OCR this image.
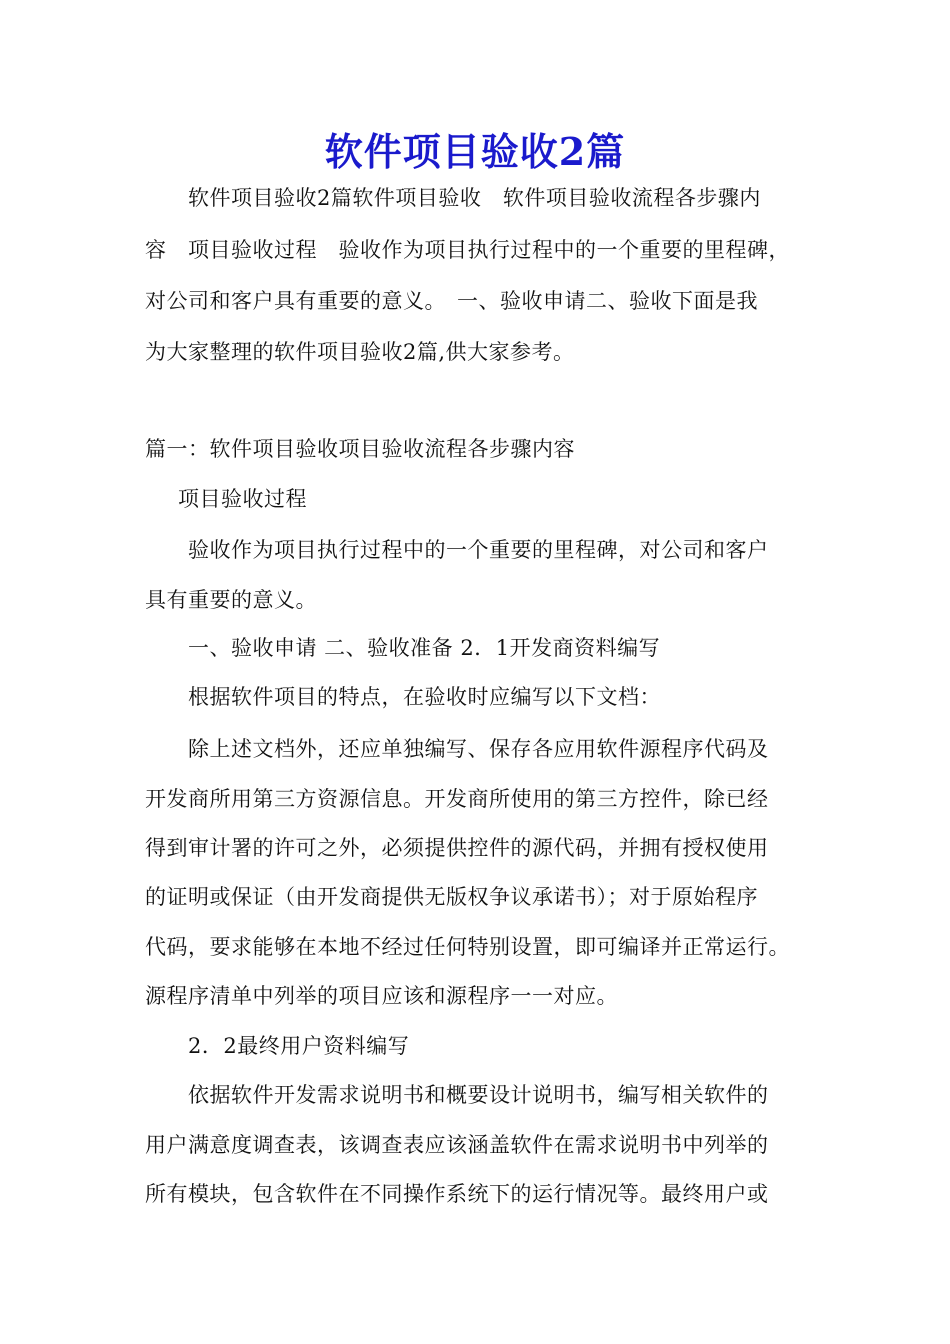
软件项目验收2篇

软件项目验收2篇软件项目验收　软件项目验收流程各步骤内

容　项目验收过程　验收作为项目执行过程中的一个重要的里程碑，

对公司和客户具有重要的意义。　一、验收申请二、验收下面是我

为大家整理的软件项目验收2篇,供大家参考。

篇一：软件项目验收项目验收流程各步骤内容

项目验收过程

验收作为项目执行过程中的一个重要的里程碑，对公司和客户

具有重要的意义。

一、验收申请 二、验收准备 2．1开发商资料编写

根据软件项目的特点，在验收时应编写以下文档：

除上述文档外，还应单独编写、保存各应用软件源程序代码及

开发商所用第三方资源信息。开发商所使用的第三方控件，除已经

得到审计署的许可之外，必须提供控件的源代码，并拥有授权使用

的证明或保证（由开发商提供无版权争议承诺书）；对于原始程序

代码，要求能够在本地不经过任何特别设置，即可编译并正常运行。

源程序清单中列举的项目应该和源程序一一对应。

2．2最终用户资料编写

依据软件开发需求说明书和概要设计说明书，编写相关软件的

用户满意度调查表，该调查表应该涵盖软件在需求说明书中列举的

所有模块，包含软件在不同操作系统下的运行情况等。最终用户或
